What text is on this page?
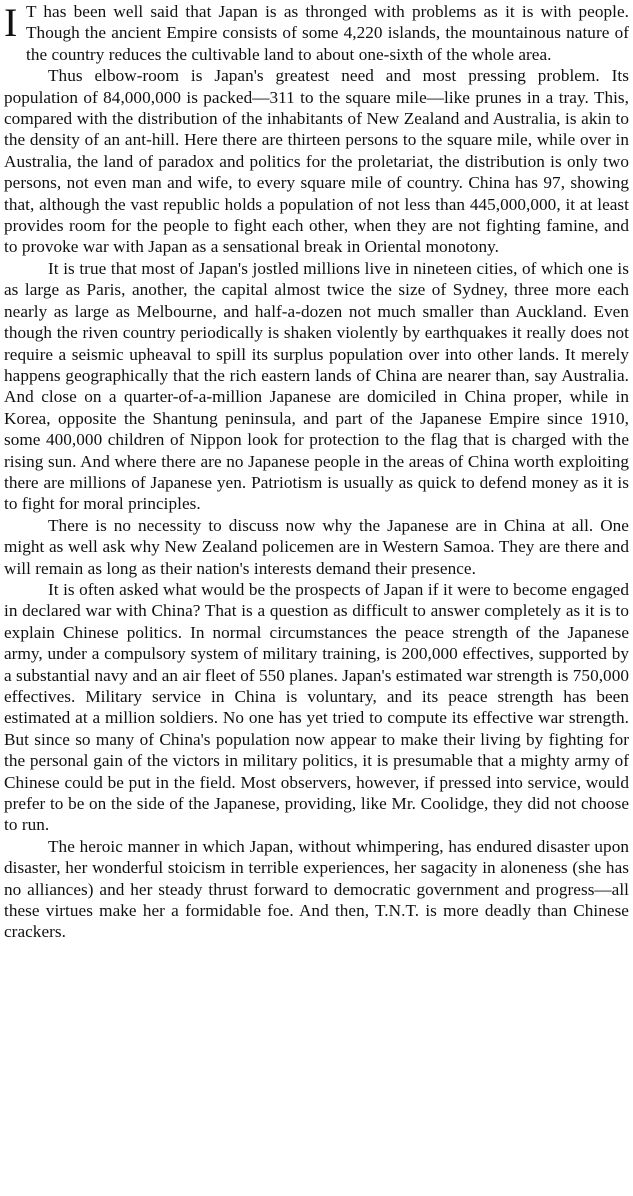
I T has been well said that Japan is as thronged with problems as it is with people. Though the ancient Empire consists of some 4,220 islands, the mountainous nature of the country reduces the cultivable land to about one-sixth of the whole area.

Thus elbow-room is Japan's greatest need and most pressing problem. Its population of 84,000,000 is packed—311 to the square mile—like prunes in a tray. This, compared with the distribution of the inhabitants of New Zealand and Australia, is akin to the density of an ant-hill. Here there are thirteen persons to the square mile, while over in Australia, the land of paradox and politics for the proletariat, the distribution is only two persons, not even man and wife, to every square mile of country. China has 97, showing that, although the vast republic holds a population of not less than 445,000,000, it at least provides room for the people to fight each other, when they are not fighting famine, and to provoke war with Japan as a sensational break in Oriental monotony.

It is true that most of Japan's jostled millions live in nineteen cities, of which one is as large as Paris, another, the capital almost twice the size of Sydney, three more each nearly as large as Melbourne, and half-a-dozen not much smaller than Auckland. Even though the riven country periodically is shaken violently by earthquakes it really does not require a seismic upheaval to spill its surplus population over into other lands. It merely happens geographically that the rich eastern lands of China are nearer than, say Australia. And close on a quarter-of-a-million Japanese are domiciled in China proper, while in Korea, opposite the Shantung peninsula, and part of the Japanese Empire since 1910, some 400,000 children of Nippon look for protection to the flag that is charged with the rising sun. And where there are no Japanese people in the areas of China worth exploiting there are millions of Japanese yen. Patriotism is usually as quick to defend money as it is to fight for moral principles.

There is no necessity to discuss now why the Japanese are in China at all. One might as well ask why New Zealand policemen are in Western Samoa. They are there and will remain as long as their nation's interests demand their presence.

It is often asked what would be the prospects of Japan if it were to become engaged in declared war with China? That is a question as difficult to answer completely as it is to explain Chinese politics. In normal circumstances the peace strength of the Japanese army, under a compulsory system of military training, is 200,000 effectives, supported by a substantial navy and an air fleet of 550 planes. Japan's estimated war strength is 750,000 effectives. Military service in China is voluntary, and its peace strength has been estimated at a million soldiers. No one has yet tried to compute its effective war strength. But since so many of China's population now appear to make their living by fighting for the personal gain of the victors in military politics, it is presumable that a mighty army of Chinese could be put in the field. Most observers, however, if pressed into service, would prefer to be on the side of the Japanese, providing, like Mr. Coolidge, they did not choose to run.

The heroic manner in which Japan, without whimpering, has endured disaster upon disaster, her wonderful stoicism in terrible experiences, her sagacity in aloneness (she has no alliances) and her steady thrust forward to democratic government and progress—all these virtues make her a formidable foe. And then, T.N.T. is more deadly than Chinese crackers.
